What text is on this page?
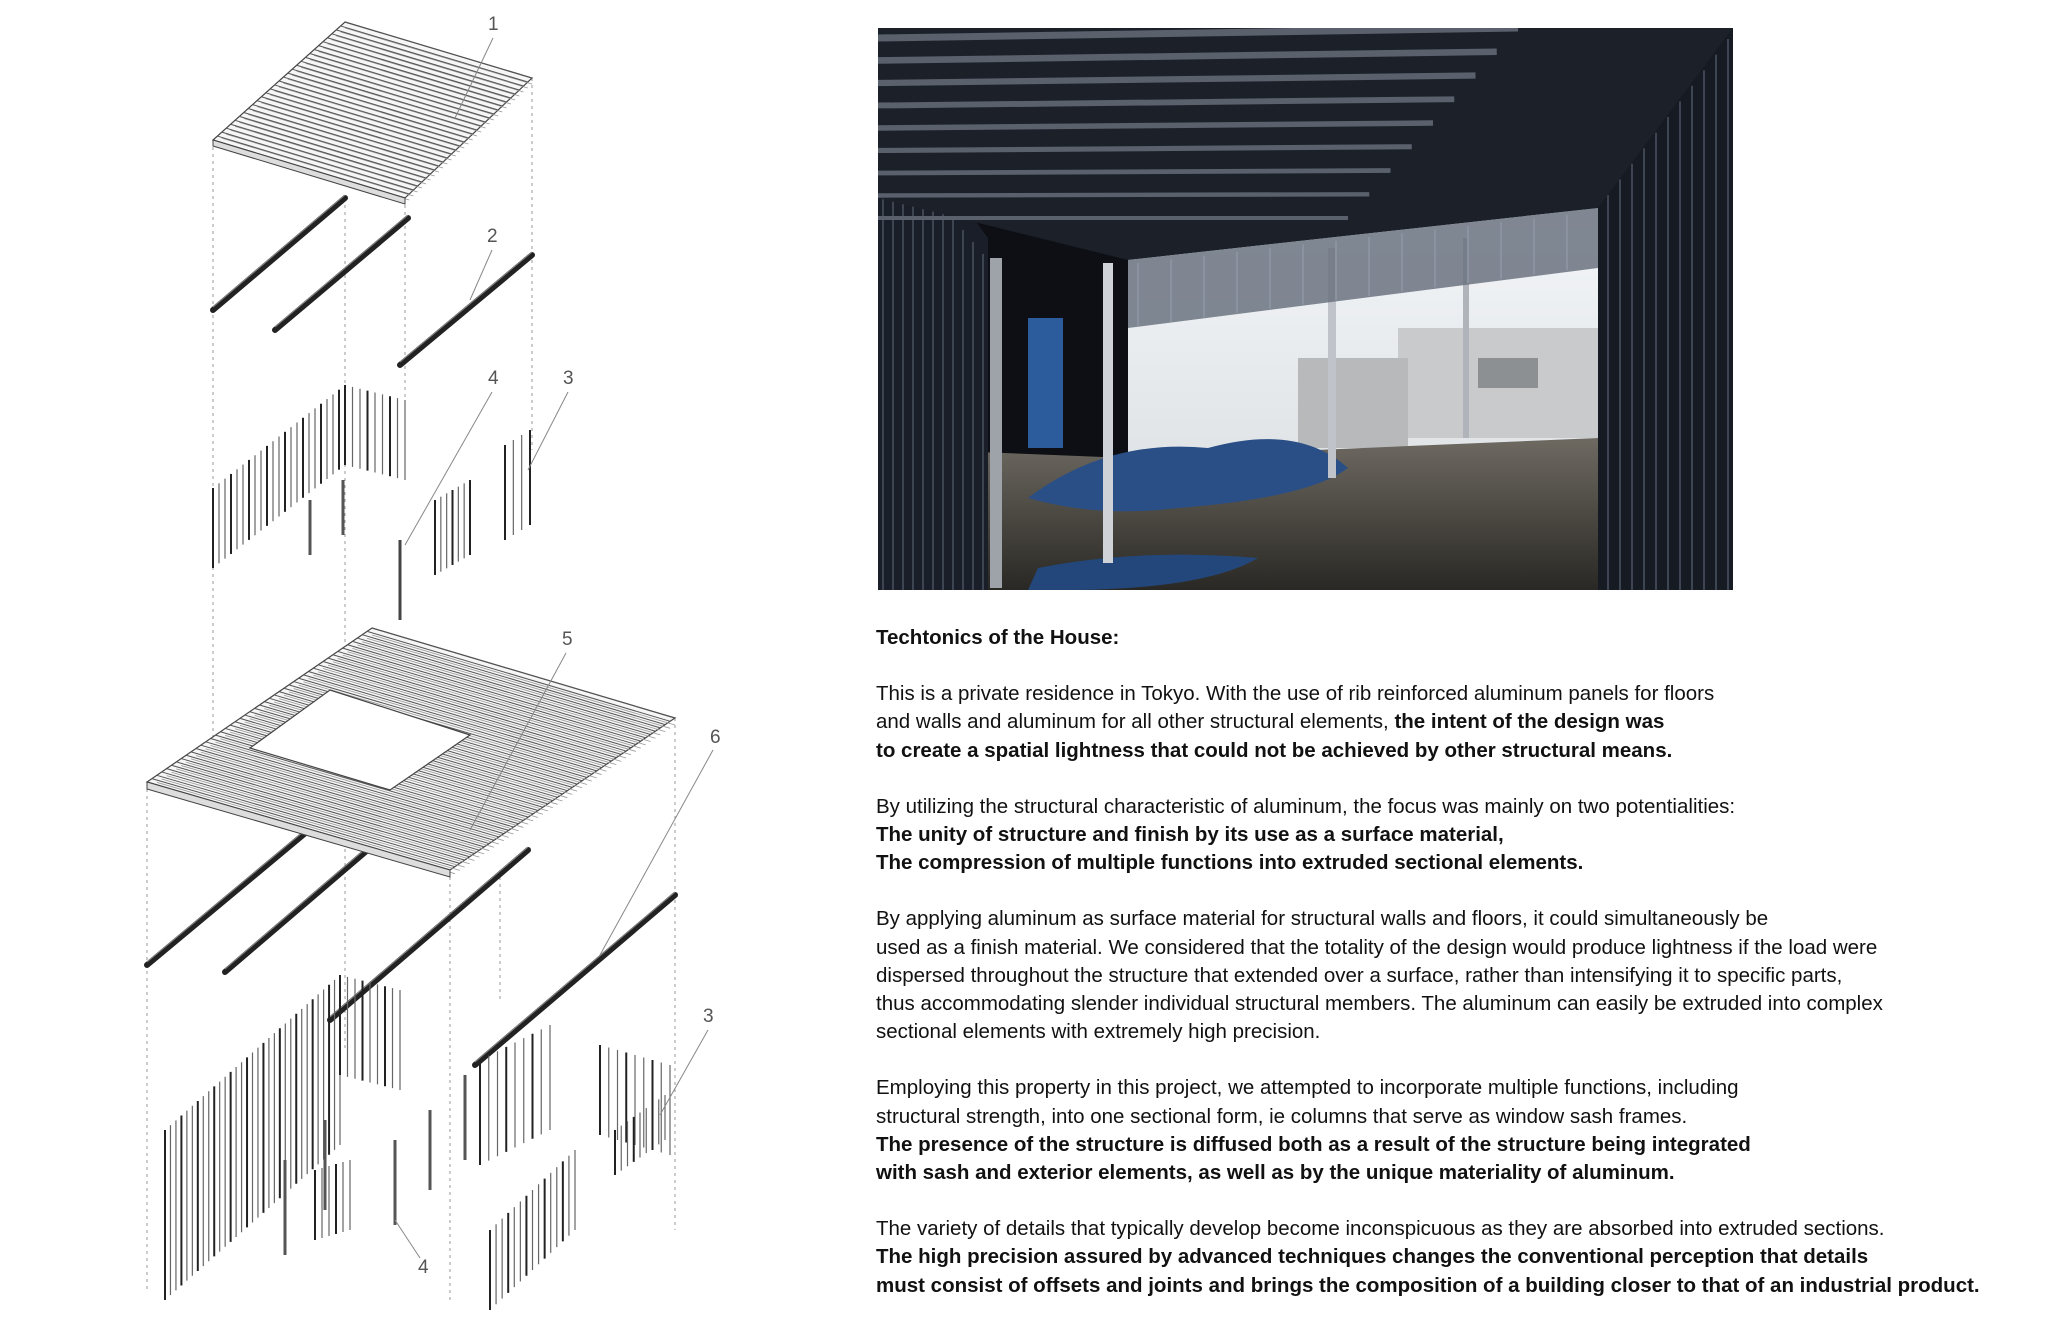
1
2
4	3
5
6
3
4
Techtonics of the House:

This is a private residence in Tokyo. With the use of rib reinforced aluminum panels for floors
and walls and aluminum for all other structural elements, the intent of the design was
to create a spatial lightness that could not be achieved by other structural means.

By utilizing the structural characteristic of aluminum, the focus was mainly on two potentialities:
The unity of structure and finish by its use as a surface material,
The compression of multiple functions into extruded sectional elements.

By applying aluminum as surface material for structural walls and floors, it could simultaneously be
used as a finish material. We considered that the totality of the design would produce lightness if the load were
dispersed throughout the structure that extended over a surface, rather than intensifying it to specific parts,
thus accommodating slender individual structural members. The aluminum can easily be extruded into complex
sectional elements with extremely high precision.

Employing this property in this project, we attempted to incorporate multiple functions, including
structural strength, into one sectional form, ie columns that serve as window sash frames.
The presence of the structure is diffused both as a result of the structure being integrated
with sash and exterior elements, as well as by the unique materiality of aluminum.

The variety of details that typically develop become inconspicuous as they are absorbed into extruded sections.
The high precision assured by advanced techniques changes the conventional perception that details
must consist of offsets and joints and brings the composition of a building closer to that of an industrial product.
